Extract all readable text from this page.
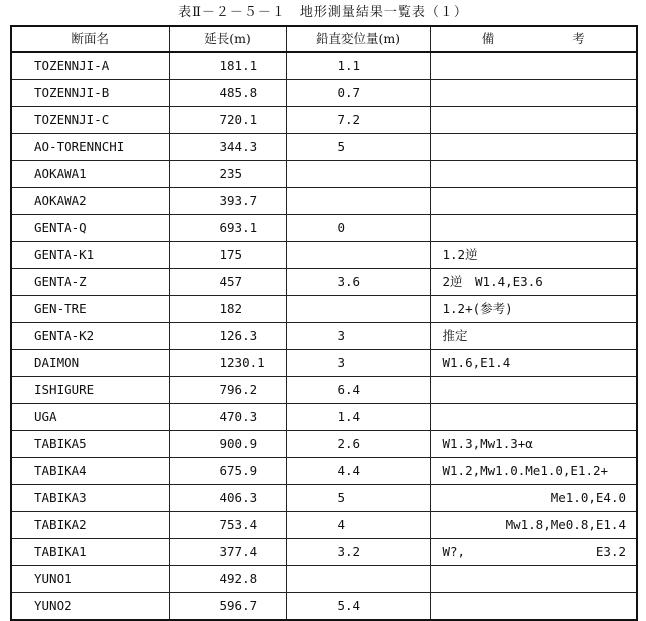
表Ⅱ－２－５－１　地形測量結果一覧表（１）
断面名	延長(m)	鉛直変位量(m)	備 考
TOZENNJI-A	181.1	1.1	
TOZENNJI-B	485.8	0.7	
TOZENNJI-C	720.1	7.2	
AO-TORENNCHI	344.3	5	
AOKAWA1	235		
AOKAWA2	393.7		
GENTA-Q	693.1	0	
GENTA-K1	175		1.2逆
GENTA-Z	457	3.6	2逆　W1.4,E3.6
GEN-TRE	182		1.2+(参考)
GENTA-K2	126.3	3	推定
DAIMON	1230.1	3	W1.6,E1.4
ISHIGURE	796.2	6.4	
UGA	470.3	1.4	
TABIKA5	900.9	2.6	W1.3,Mw1.3+α
TABIKA4	675.9	4.4	W1.2,Mw1.0.Me1.0,E1.2+
TABIKA3	406.3	5	Me1.0,E4.0
TABIKA2	753.4	4	Mw1.8,Me0.8,E1.4
TABIKA1	377.4	3.2	W?, E3.2

YUNO1	492.8		
YUNO2	596.7	5.4	
